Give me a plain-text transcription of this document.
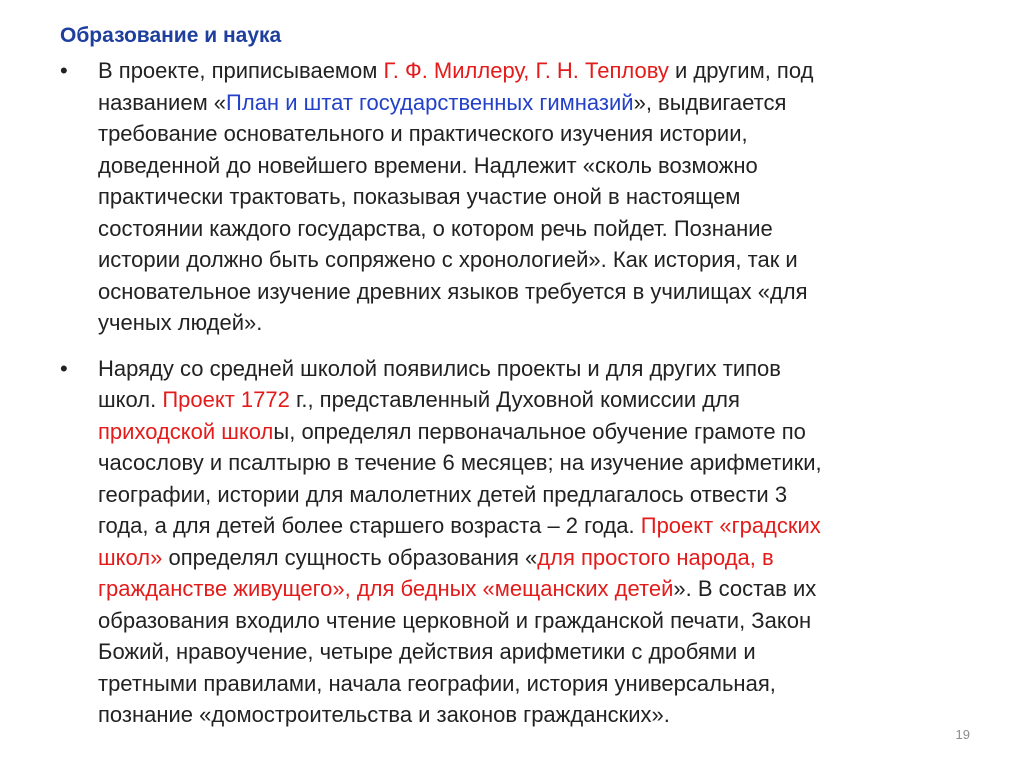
Образование и наука
•	В проекте, приписываемом Г. Ф. Миллеру, Г. Н. Теплову и другим, под
названием «План и штат государственных гимназий», выдвигается
требование основательного и практического изучения истории,
доведенной до новейшего времени. Надлежит «сколь возможно
практически трактовать, показывая участие оной в настоящем
состоянии каждого государства, о котором речь пойдет. Познание
истории должно быть сопряжено с хронологией». Как история, так и
основательное изучение древних языков требуется в училищах «для
ученых людей».
•	Наряду со средней школой появились проекты и для других типов
школ. Проект 1772 г., представленный Духовной комиссии для
приходской школы, определял первоначальное обучение грамоте по
часослову и псалтырю в течение 6 месяцев; на изучение арифметики,
географии, истории для малолетних детей предлагалось отвести 3
года, а для детей более старшего возраста – 2 года. Проект «градских
школ» определял сущность образования «для простого народа, в
гражданстве живущего», для бедных «мещанских детей». В состав их
образования входило чтение церковной и гражданской печати, Закон
Божий, нравоучение, четыре действия арифметики с дробями и
третными правилами, начала географии, история универсальная,
познание «домостроительства и законов гражданских».
19
